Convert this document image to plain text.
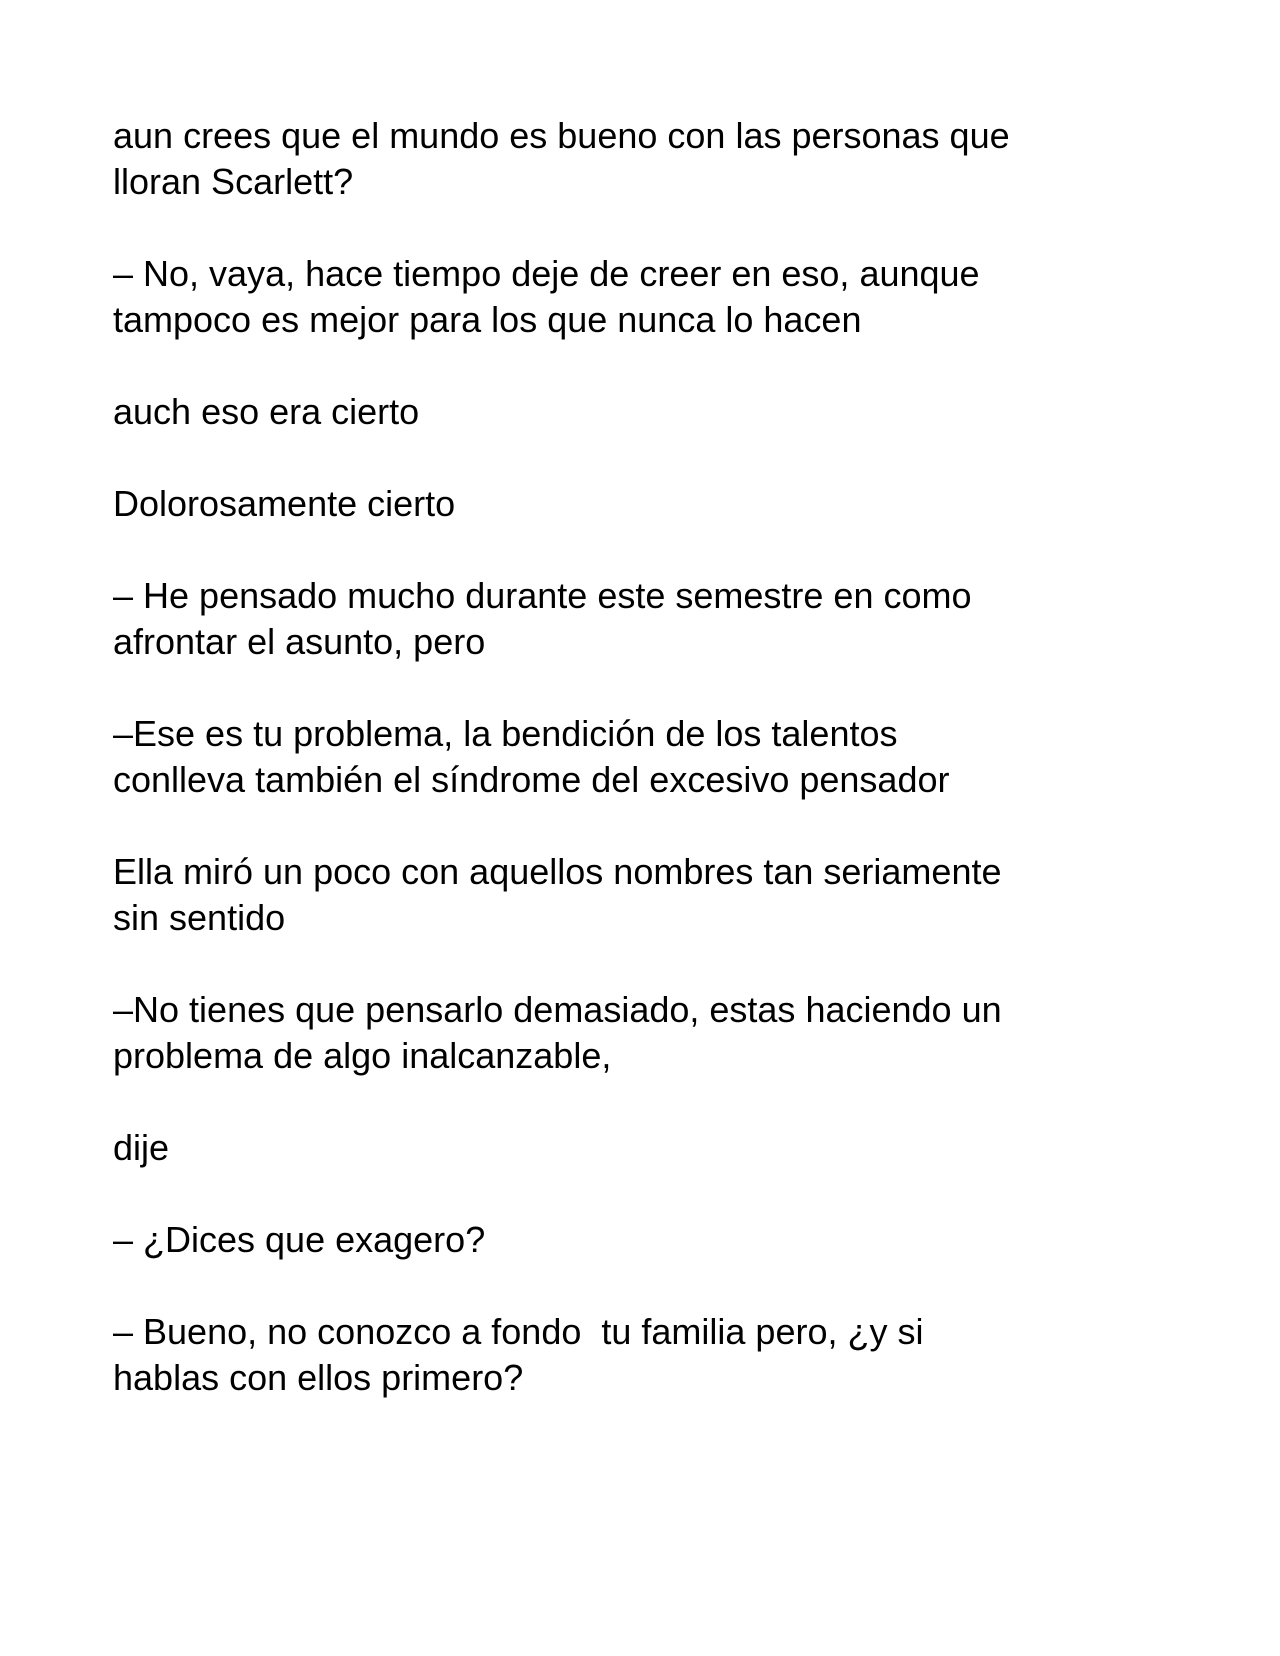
aun crees que el mundo es bueno con las personas que
lloran Scarlett?

– No, vaya, hace tiempo deje de creer en eso, aunque
tampoco es mejor para los que nunca lo hacen

auch eso era cierto

Dolorosamente cierto

– He pensado mucho durante este semestre en como
afrontar el asunto, pero

–Ese es tu problema, la bendición de los talentos
conlleva también el síndrome del excesivo pensador

Ella miró un poco con aquellos nombres tan seriamente
sin sentido

–No tienes que pensarlo demasiado, estas haciendo un
problema de algo inalcanzable,

dije

– ¿Dices que exagero?

– Bueno, no conozco a fondo  tu familia pero, ¿y si
hablas con ellos primero?
